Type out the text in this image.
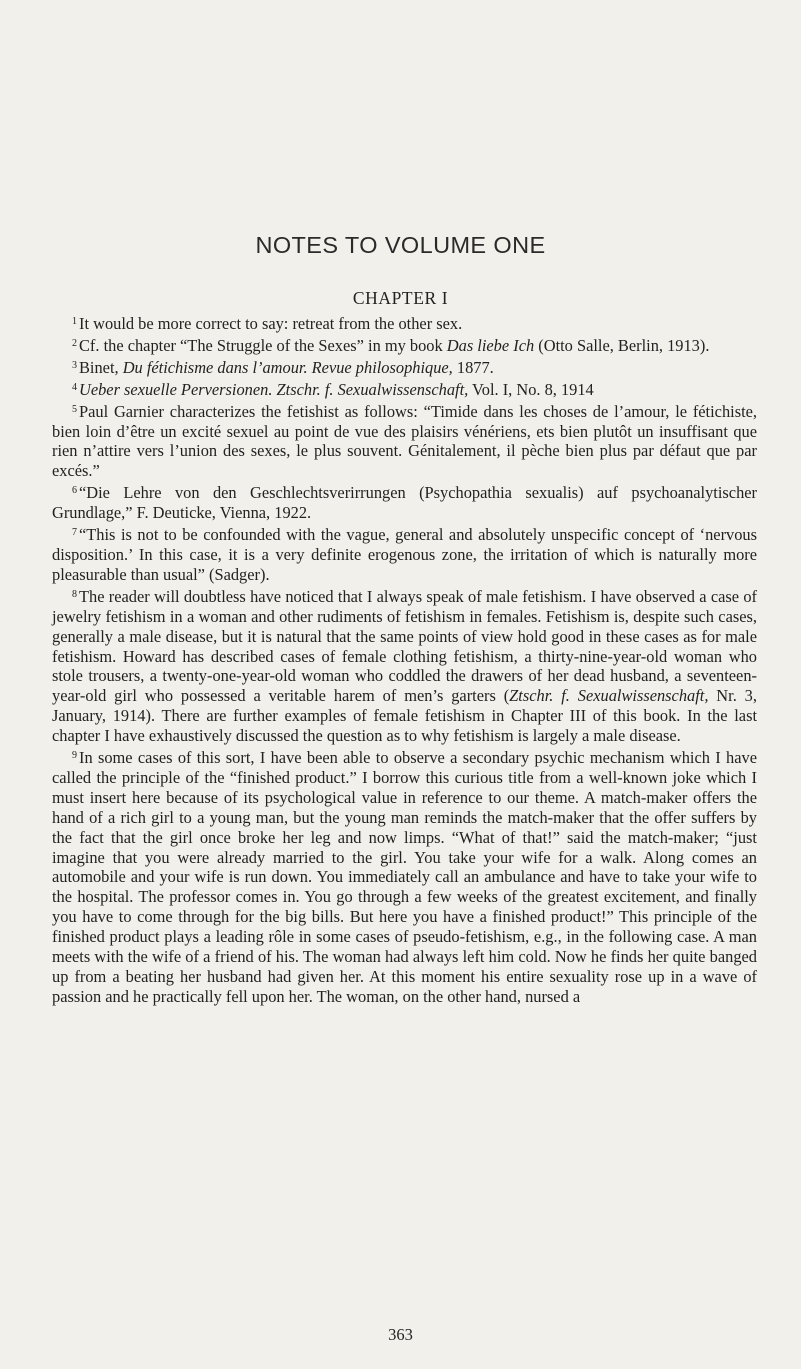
NOTES TO VOLUME ONE
CHAPTER I

$^1$ It would be more correct to say: retreat from the other sex.

$^2$ Cf. the chapter “The Struggle of the Sexes” in my book Das liebe Ich (Otto Salle, Berlin, 1913).

$^3$ Binet, Du fétichisme dans l’amour. Revue philosophique, 1877.

$^4$ Ueber sexuelle Perversionen. Ztschr. f. Sexualwissenschaft, Vol. I, No. 8, 1914

$^5$ Paul Garnier characterizes the fetishist as follows: “Timide dans les choses de l’amour, le fétichiste, bien loin d’être un excité sexuel au point de vue des plaisirs vénériens, ets bien plutôt un insuffisant que rien n’attire vers l’union des sexes, le plus souvent. Génitalement, il pèche bien plus par défaut que par excés.”

$^6$ “Die Lehre von den Geschlechtsverirrungen (Psychopathia sexualis) auf psychoanalytischer Grundlage,” F. Deuticke, Vienna, 1922.

$^7$ “This is not to be confounded with the vague, general and absolutely unspecific concept of ‘nervous disposition.’ In this case, it is a very definite erogenous zone, the irritation of which is naturally more pleasurable than usual” (Sadger).

$^8$ The reader will doubtless have noticed that I always speak of male fetishism. I have observed a case of jewelry fetishism in a woman and other rudiments of fetishism in females. Fetishism is, despite such cases, generally a male disease, but it is natural that the same points of view hold good in these cases as for male fetishism. Howard has described cases of female clothing fetishism, a thirty-nine-year-old woman who stole trousers, a twenty-one-year-old woman who coddled the drawers of her dead husband, a seventeen-year-old girl who possessed a veritable harem of men’s garters (Ztschr. f. Sexualwissenschaft, Nr. 3, January, 1914). There are further examples of female fetishism in Chapter III of this book. In the last chapter I have exhaustively discussed the question as to why fetishism is largely a male disease.

$^9$ In some cases of this sort, I have been able to observe a secondary psychic mechanism which I have called the principle of the “finished product.” I borrow this curious title from a well-known joke which I must insert here because of its psychological value in reference to our theme. A match-maker offers the hand of a rich girl to a young man, but the young man reminds the match-maker that the offer suffers by the fact that the girl once broke her leg and now limps. “What of that!” said the match-maker; “just imagine that you were already married to the girl. You take your wife for a walk. Along comes an automobile and your wife is run down. You immediately call an ambulance and have to take your wife to the hospital. The professor comes in. You go through a few weeks of the greatest excitement, and finally you have to come through for the big bills. But here you have a finished product!” This principle of the finished product plays a leading rôle in some cases of pseudo-fetishism, e.g., in the following case. A man meets with the wife of a friend of his. The woman had always left him cold. Now he finds her quite banged up from a beating her husband had given her. At this moment his entire sexuality rose up in a wave of passion and he practically fell upon her. The woman, on the other hand, nursed a

363
